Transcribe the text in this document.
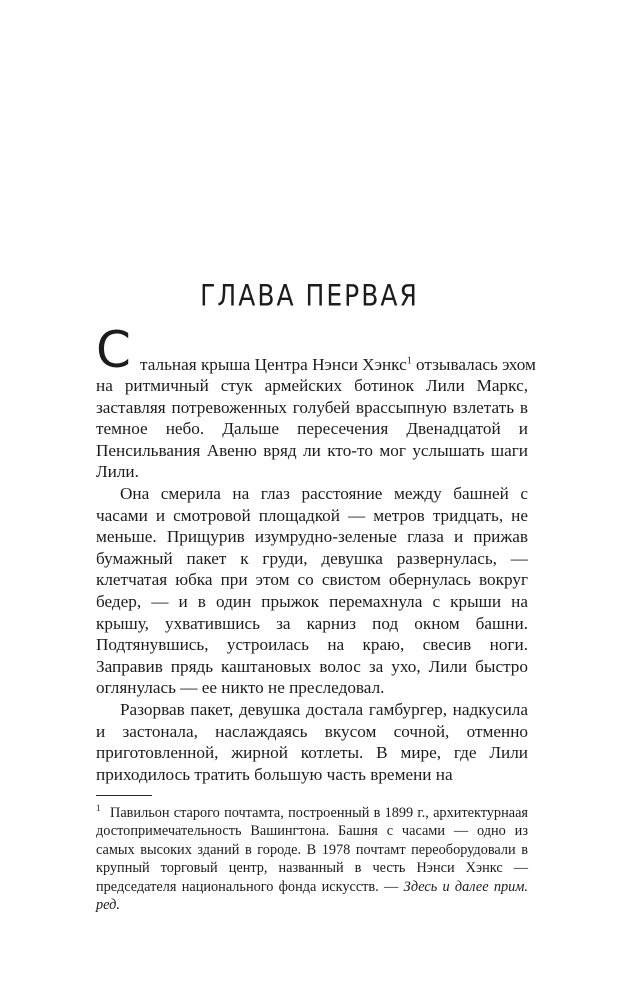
ГЛАВА ПЕРВАЯ
С тальная крыша Центра Нэнси Хэнкс$^1$ отзывалась эхом

на ритмичный стук армейских ботинок Лили Маркс, заставляя потревоженных голубей врассыпную взлетать в темное небо. Дальше пересечения Двенадцатой и Пенсильвания Авеню вряд ли кто-то мог услышать шаги Лили.

Она смерила на глаз расстояние между башней с часами и смотровой площадкой — метров тридцать, не меньше. Прищурив изумрудно-зеленые глаза и прижав бумажный пакет к груди, девушка развернулась, — клетчатая юбка при этом со свистом обернулась вокруг бедер, — и в один прыжок перемахнула с крыши на крышу, ухватившись за карниз под окном башни. Подтянувшись, устроилась на краю, свесив ноги. Заправив прядь каштановых волос за ухо, Лили быстро оглянулась — ее никто не преследовал.

Разорвав пакет, девушка достала гамбургер, надкусила и застонала, наслаждаясь вкусом сочной, отменно приготовленной, жирной котлеты. В мире, где Лили приходилось тратить большую часть времени на

1 Павильон старого почтамта, построенный в 1899 г., архитектурнаая достопримечательность Вашингтона. Башня с часами — одно из самых высоких зданий в городе. В 1978 почтамт переоборудовали в крупный торговый центр, названный в честь Нэнси Хэнкс — председателя национального фонда искусств. — Здесь и далее прим. ред.
